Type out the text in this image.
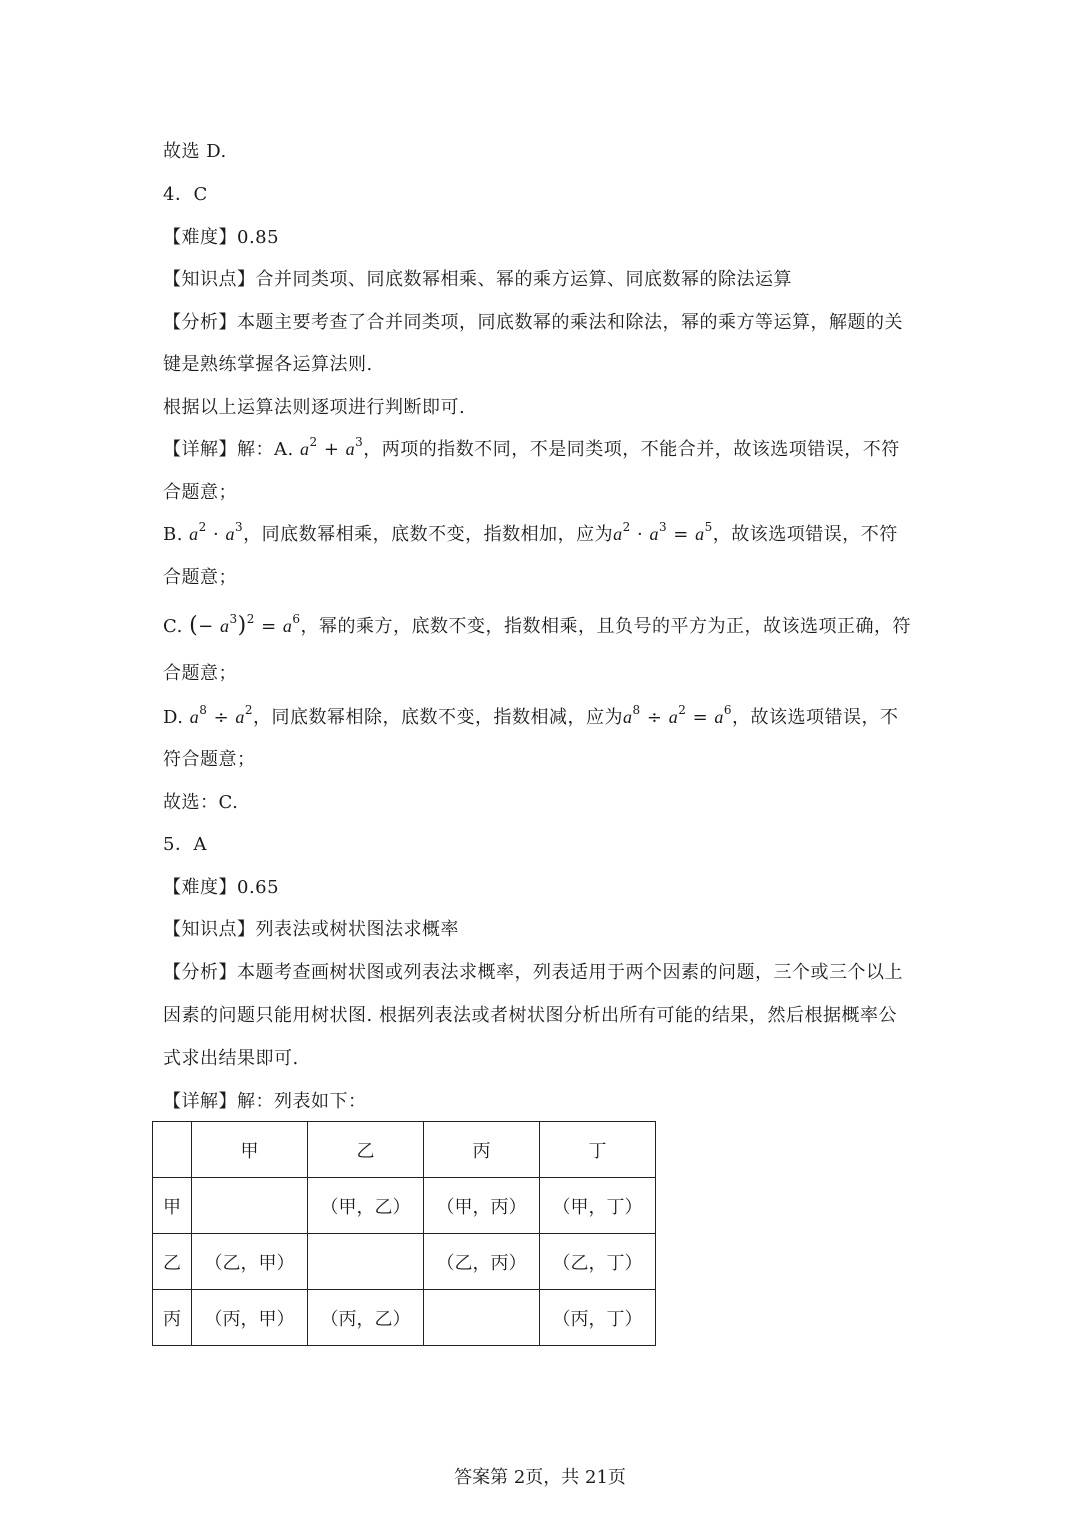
故选 D.
4．C
【难度】0.85
【知识点】合并同类项、同底数幂相乘、幂的乘方运算、同底数幂的除法运算
【分析】本题主要考查了合并同类项，同底数幂的乘法和除法，幂的乘方等运算，解题的关
键是熟练掌握各运算法则.
根据以上运算法则逐项进行判断即可.
【详解】解：A. $a^2 + a^3$，两项的指数不同，不是同类项，不能合并，故该选项错误，不符
合题意；
B. $a^2 \cdot a^3$，同底数幂相乘，底数不变，指数相加，应为$a^2 \cdot a^3 = a^5$，故该选项错误，不符
合题意；
C. (− $a^3)^2 = a^6$，幂的乘方，底数不变，指数相乘，且负号的平方为正，故该选项正确，符
合题意；
D. $a^8 \div a^2$，同底数幂相除，底数不变，指数相减，应为$a^8 \div a^2 = a^6$，故该选项错误，不
符合题意；
故选：C.
5．A
【难度】0.65
【知识点】列表法或树状图法求概率
【分析】本题考查画树状图或列表法求概率，列表适用于两个因素的问题，三个或三个以上
因素的问题只能用树状图. 根据列表法或者树状图分析出所有可能的结果，然后根据概率公
式求出结果即可.
【详解】解：列表如下：
	甲	乙	丙	丁
甲		（甲，乙）	（甲，丙）	（甲，丁）
乙	（乙，甲）		（乙，丙）	（乙，丁）
丙	（丙，甲）	（丙，乙）		（丙，丁）
答案第 2页，共 21页
